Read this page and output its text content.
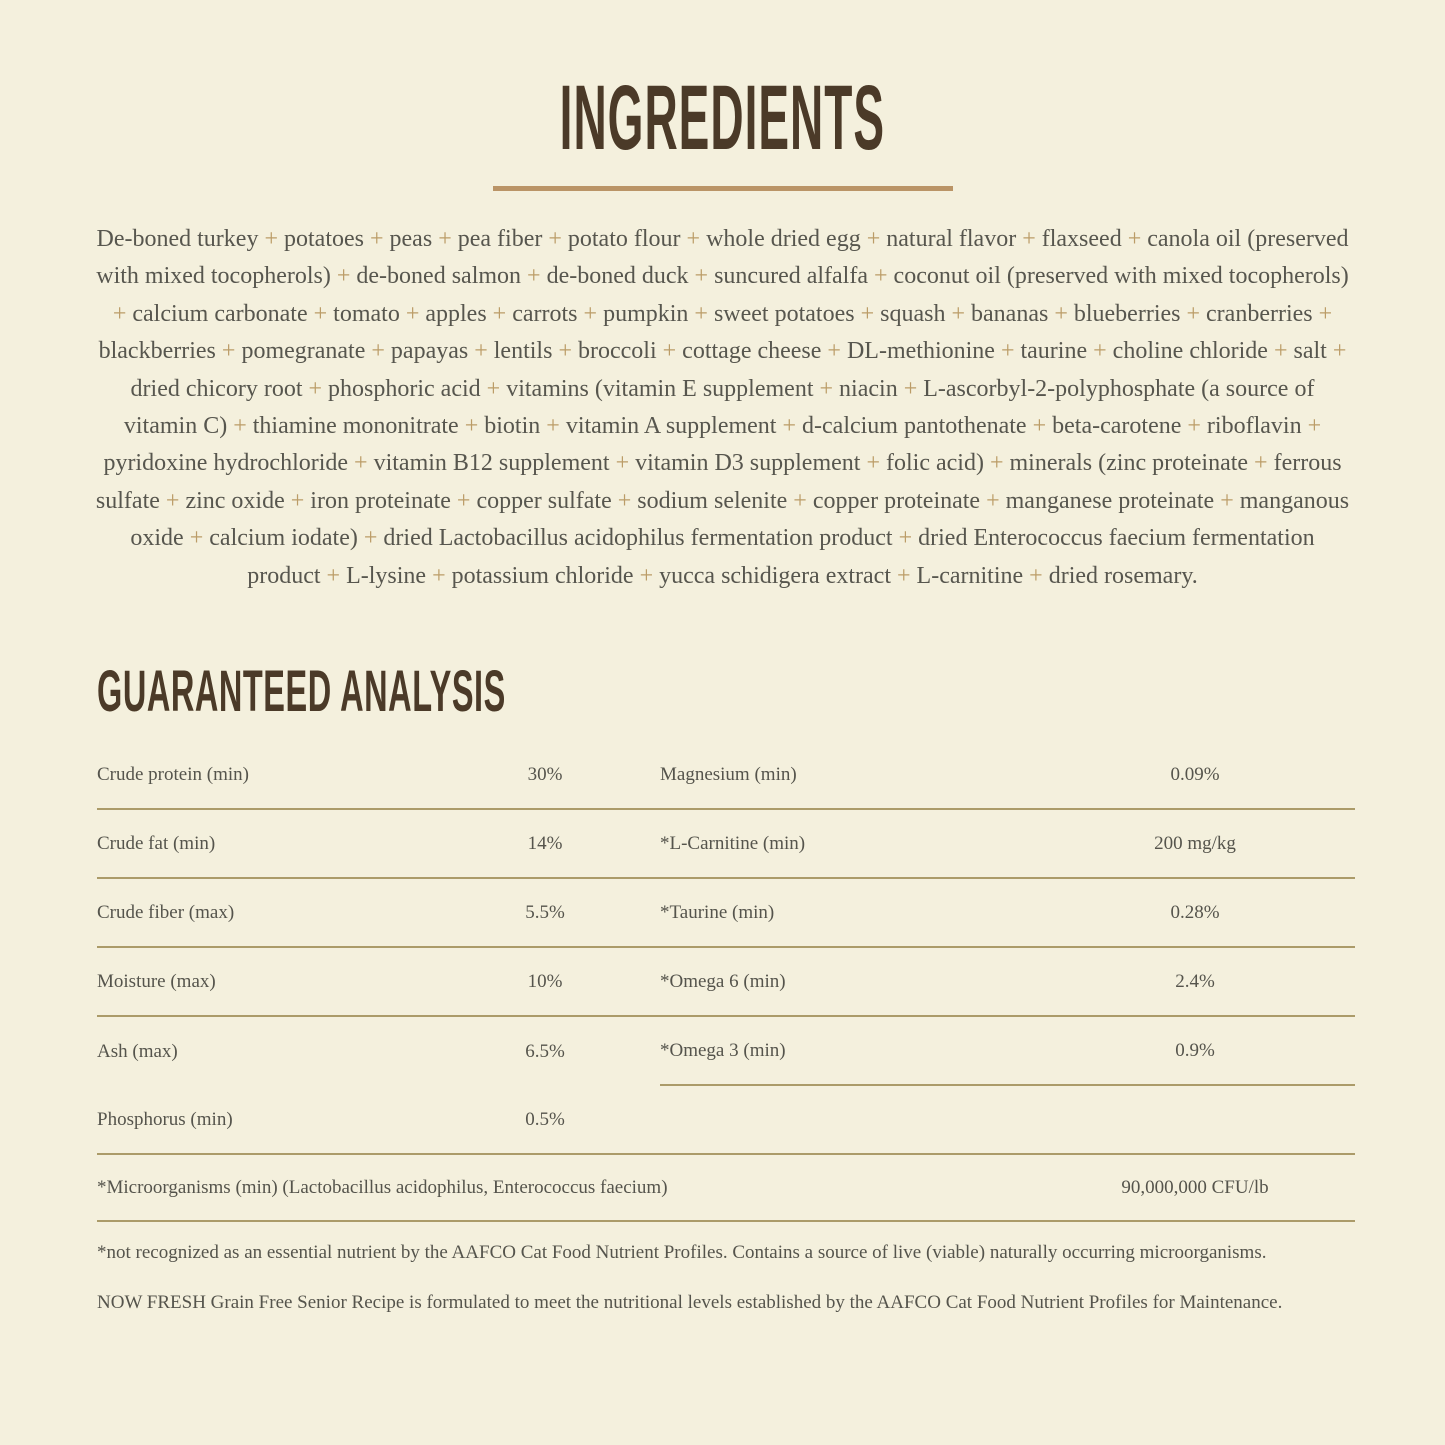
INGREDIENTS

De-boned turkey + potatoes + peas + pea fiber + potato flour + whole dried egg + natural flavor + flaxseed + canola oil (preserved with mixed tocopherols) + de-boned salmon + de-boned duck + suncured alfalfa + coconut oil (preserved with mixed tocopherols) + calcium carbonate + tomato + apples + carrots + pumpkin + sweet potatoes + squash + bananas + blueberries + cranberries + blackberries + pomegranate + papayas + lentils + broccoli + cottage cheese + DL-methionine + taurine + choline chloride + salt + dried chicory root + phosphoric acid + vitamins (vitamin E supplement + niacin + L-ascorbyl-2-polyphosphate (a source of vitamin C) + thiamine mononitrate + biotin + vitamin A supplement + d-calcium pantothenate + beta-carotene + riboflavin + pyridoxine hydrochloride + vitamin B12 supplement + vitamin D3 supplement + folic acid) + minerals (zinc proteinate + ferrous sulfate + zinc oxide + iron proteinate + copper sulfate + sodium selenite + copper proteinate + manganese proteinate + manganous oxide + calcium iodate) + dried Lactobacillus acidophilus fermentation product + dried Enterococcus faecium fermentation product + L-lysine + potassium chloride + yucca schidigera extract + L-carnitine + dried rosemary.

GUARANTEED ANALYSIS
Crude protein (min)	30%	Magnesium (min)	0.09%
Crude fat (min)	14%	*L-Carnitine (min)	200 mg/kg
Crude fiber (max)	5.5%	*Taurine (min)	0.28%
Moisture (max)	10%	*Omega 6 (min)	2.4%
Ash (max)	6.5%	*Omega 3 (min)	0.9%
Phosphorus (min)	0.5%
*Microorganisms (min) (Lactobacillus acidophilus, Enterococcus faecium)	90,000,000 CFU/lb

*not recognized as an essential nutrient by the AAFCO Cat Food Nutrient Profiles. Contains a source of live (viable) naturally occurring microorganisms.

NOW FRESH Grain Free Senior Recipe is formulated to meet the nutritional levels established by the AAFCO Cat Food Nutrient Profiles for Maintenance.
